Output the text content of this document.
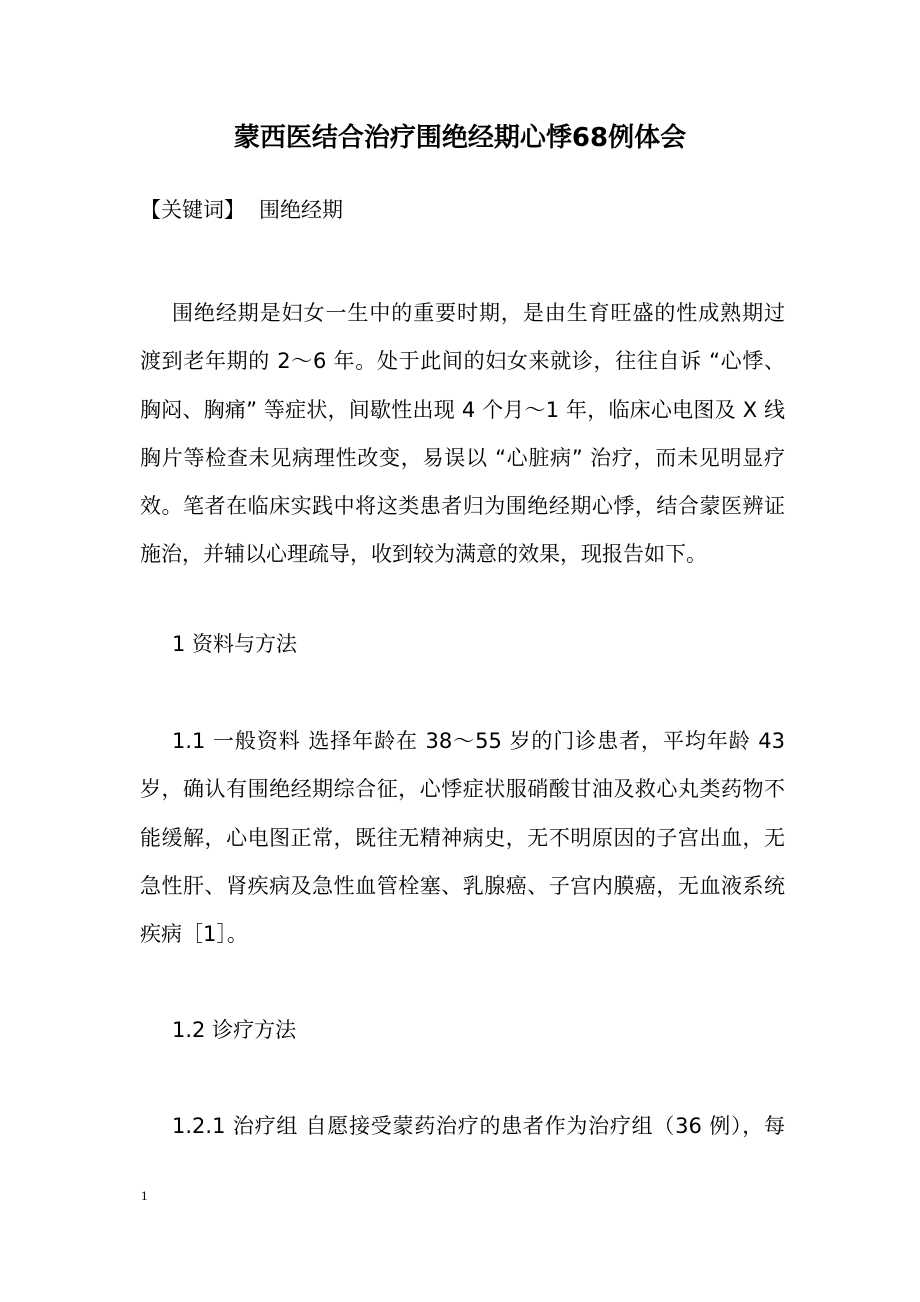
蒙西医结合治疗围绝经期心悸68例体会
【关键词】 围绝经期

围绝经期是妇女一生中的重要时期，是由生育旺盛的性成熟期过
渡到老年期的 2～6 年。处于此间的妇女来就诊，往往自诉 “心悸、
胸闷、胸痛” 等症状，间歇性出现 4 个月～1 年，临床心电图及 X 线
胸片等检查未见病理性改变，易误以 “心脏病” 治疗，而未见明显疗
效。笔者在临床实践中将这类患者归为围绝经期心悸，结合蒙医辨证
施治，并辅以心理疏导，收到较为满意的效果，现报告如下。

1 资料与方法

1.1 一般资料 选择年龄在 38～55 岁的门诊患者，平均年龄 43
岁，确认有围绝经期综合征，心悸症状服硝酸甘油及救心丸类药物不
能缓解，心电图正常，既往无精神病史，无不明原因的子宫出血，无
急性肝、肾疾病及急性血管栓塞、乳腺癌、子宫内膜癌，无血液系统
疾病［1］。

1.2 诊疗方法

1.2.1 治疗组 自愿接受蒙药治疗的患者作为治疗组（36 例），每

1
